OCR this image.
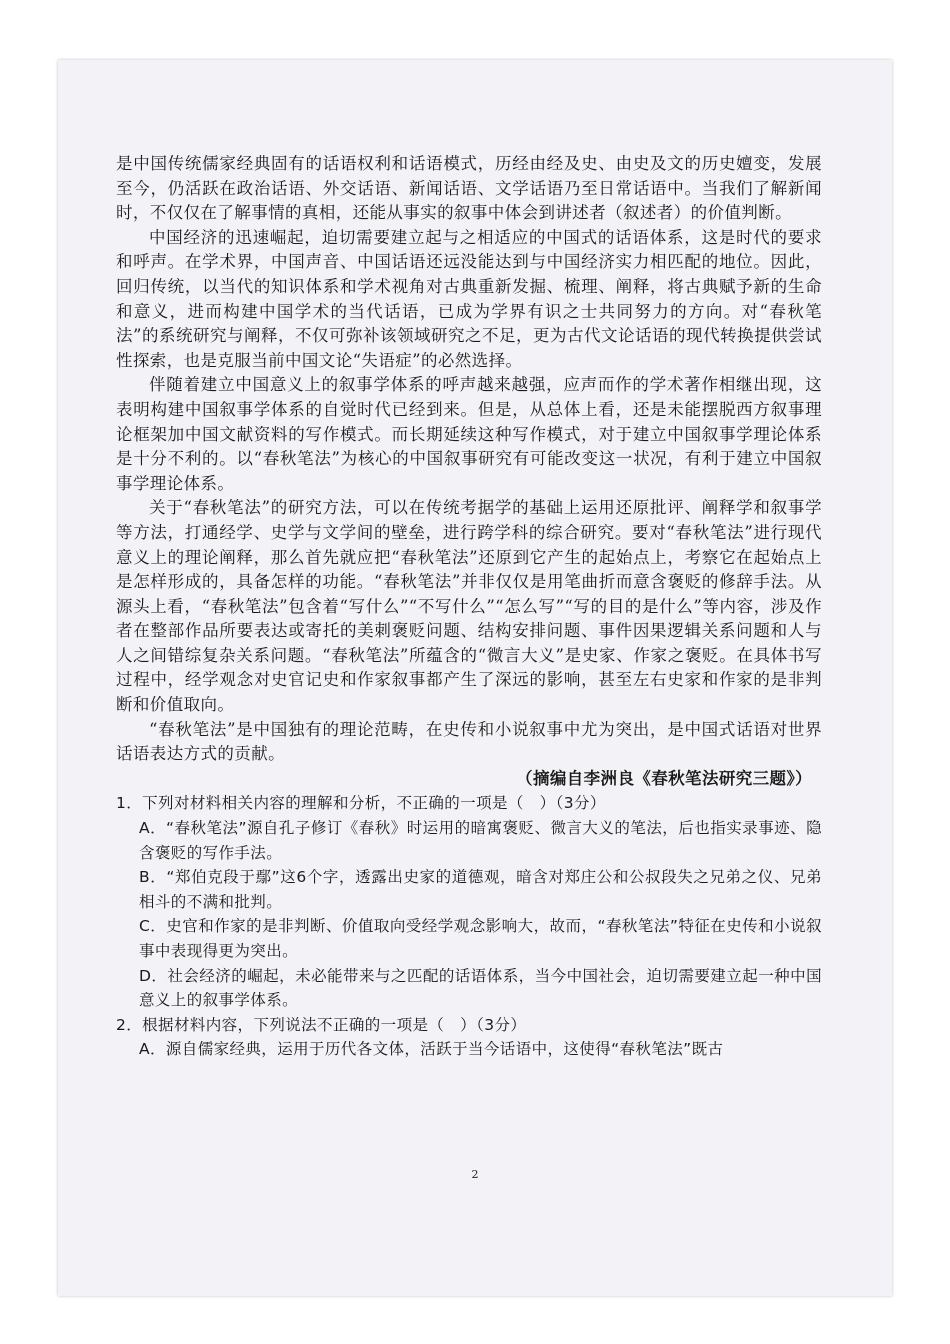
是中国传统儒家经典固有的话语权利和话语模式，历经由经及史、由史及文的历史嬗变，发展至今，仍活跃在政治话语、外交话语、新闻话语、文学话语乃至日常话语中。当我们了解新闻时，不仅仅在了解事情的真相，还能从事实的叙事中体会到讲述者（叙述者）的价值判断。

中国经济的迅速崛起，迫切需要建立起与之相适应的中国式的话语体系，这是时代的要求和呼声。在学术界，中国声音、中国话语还远没能达到与中国经济实力相匹配的地位。因此，回归传统，以当代的知识体系和学术视角对古典重新发掘、梳理、阐释，将古典赋予新的生命和意义，进而构建中国学术的当代话语，已成为学界有识之士共同努力的方向。对“春秋笔法”的系统研究与阐释，不仅可弥补该领域研究之不足，更为古代文论话语的现代转换提供尝试性探索，也是克服当前中国文论“失语症”的必然选择。

伴随着建立中国意义上的叙事学体系的呼声越来越强，应声而作的学术著作相继出现，这表明构建中国叙事学体系的自觉时代已经到来。但是，从总体上看，还是未能摆脱西方叙事理论框架加中国文献资料的写作模式。而长期延续这种写作模式，对于建立中国叙事学理论体系是十分不利的。以“春秋笔法”为核心的中国叙事研究有可能改变这一状况，有利于建立中国叙事学理论体系。

关于“春秋笔法”的研究方法，可以在传统考据学的基础上运用还原批评、阐释学和叙事学等方法，打通经学、史学与文学间的壁垒，进行跨学科的综合研究。要对“春秋笔法”进行现代意义上的理论阐释，那么首先就应把“春秋笔法”还原到它产生的起始点上，考察它在起始点上是怎样形成的，具备怎样的功能。“春秋笔法”并非仅仅是用笔曲折而意含褒贬的修辞手法。从源头上看，“春秋笔法”包含着“写什么”“不写什么”“怎么写”“写的目的是什么”等内容，涉及作者在整部作品所要表达或寄托的美刺褒贬问题、结构安排问题、事件因果逻辑关系问题和人与人之间错综复杂关系问题。“春秋笔法”所蕴含的“微言大义”是史家、作家之褒贬。在具体书写过程中，经学观念对史官记史和作家叙事都产生了深远的影响，甚至左右史家和作家的是非判断和价值取向。

“春秋笔法”是中国独有的理论范畴，在史传和小说叙事中尤为突出，是中国式话语对世界话语表达方式的贡献。

（摘编自李洲良《春秋笔法研究三题》）

1．下列对材料相关内容的理解和分析，不正确的一项是（　）（3分）

A．“春秋笔法”源自孔子修订《春秋》时运用的暗寓褒贬、微言大义的笔法，后也指实录事迹、隐含褒贬的写作手法。

B．“郑伯克段于鄢”这6个字，透露出史家的道德观，暗含对郑庄公和公叔段失之兄弟之仪、兄弟相斗的不满和批判。

C．史官和作家的是非判断、价值取向受经学观念影响大，故而，“春秋笔法”特征在史传和小说叙事中表现得更为突出。

D．社会经济的崛起，未必能带来与之匹配的话语体系，当今中国社会，迫切需要建立起一种中国意义上的叙事学体系。

2．根据材料内容，下列说法不正确的一项是（　）（3分）

A．源自儒家经典，运用于历代各文体，活跃于当今话语中，这使得“春秋笔法”既古

2
